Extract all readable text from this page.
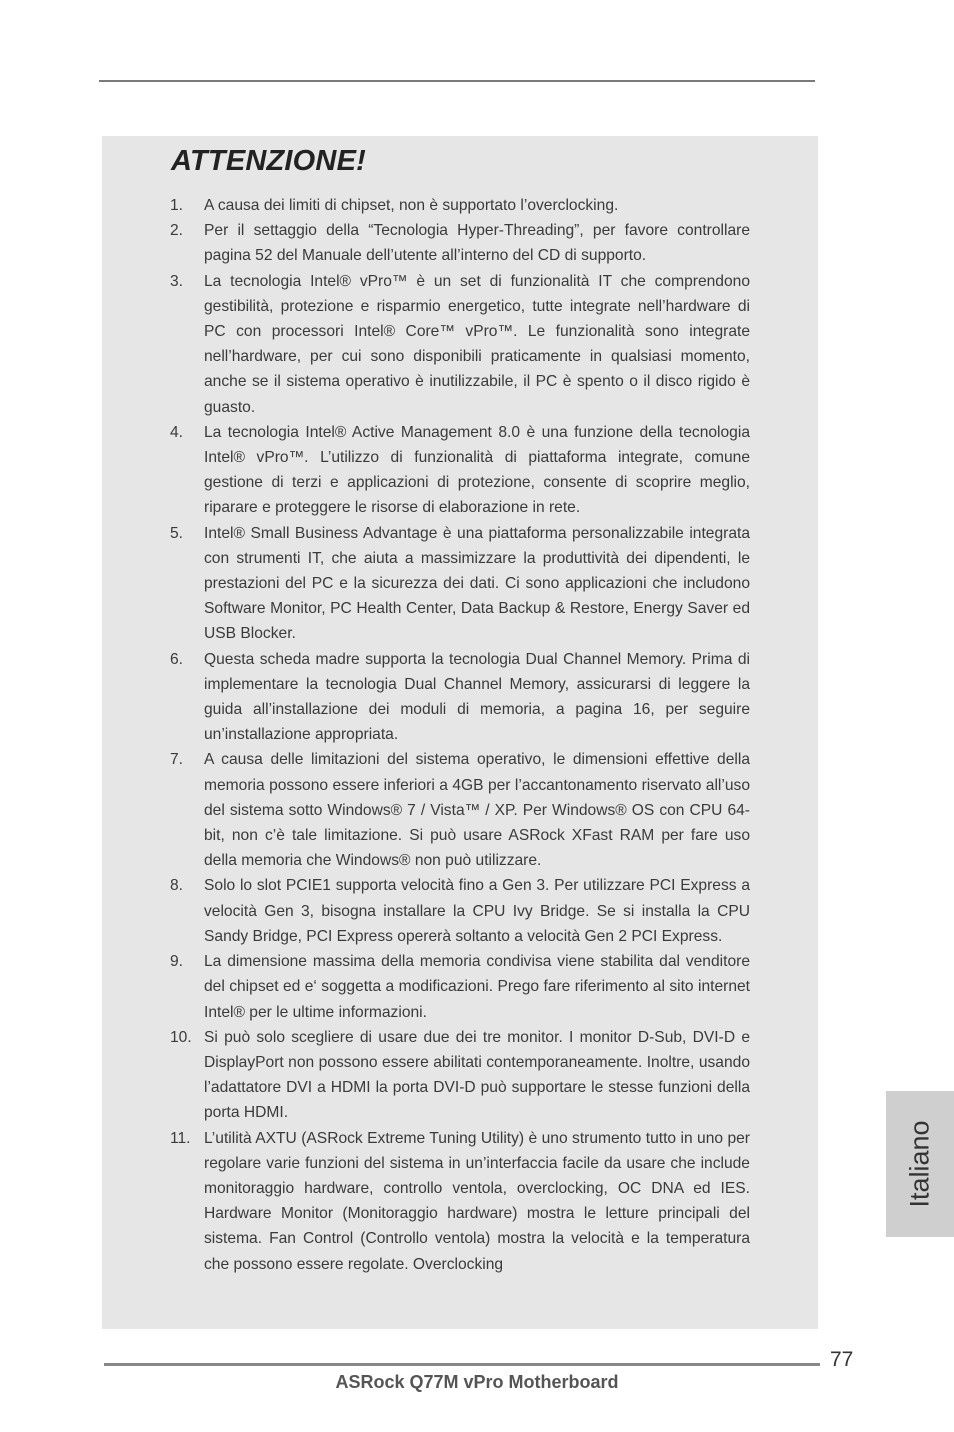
ATTENZIONE!
1. A causa dei limiti di chipset, non è supportato l’overclocking.
2. Per il settaggio della “Tecnologia Hyper-Threading”, per favore controllare pagina 52 del Manuale dell’utente all’interno del CD di supporto.
3. La tecnologia Intel® vPro™ è un set di funzionalità IT che comprendono gestibilità, protezione e risparmio energetico, tutte integrate nell’hardware di PC con processori Intel® Core™ vPro™. Le funzionalità sono integrate nell’hardware, per cui sono disponibili praticamente in qualsiasi momento, anche se il sistema operativo è inutilizzabile, il PC è spento o il disco rigido è guasto.
4. La tecnologia Intel® Active Management 8.0 è una funzione della tecnologia Intel® vPro™. L’utilizzo di funzionalità di piattaforma integrate, comune gestione di terzi e applicazioni di protezione, consente di scoprire meglio, riparare e proteggere le risorse di elaborazione in rete.
5. Intel® Small Business Advantage è una piattaforma personalizzabile integrata con strumenti IT, che aiuta a massimizzare la produttività dei dipendenti, le prestazioni del PC e la sicurezza dei dati. Ci sono applicazioni che includono Software Monitor, PC Health Center, Data Backup & Restore, Energy Saver ed USB Blocker.
6. Questa scheda madre supporta la tecnologia Dual Channel Memory. Prima di implementare la tecnologia Dual Channel Memory, assicurarsi di leggere la guida all’installazione dei moduli di memoria, a pagina 16, per seguire un’installazione appropriata.
7. A causa delle limitazioni del sistema operativo, le dimensioni effettive della memoria possono essere inferiori a 4GB per l’accantonamento riservato all’uso del sistema sotto Windows® 7 / Vista™ / XP. Per Windows® OS con CPU 64-bit, non c’è tale limitazione. Si può usare ASRock XFast RAM per fare uso della memoria che Windows® non può utilizzare.
8. Solo lo slot PCIE1 supporta velocità fino a Gen 3. Per utilizzare PCI Express a velocità Gen 3, bisogna installare la CPU Ivy Bridge. Se si installa la CPU Sandy Bridge, PCI Express opererà soltanto a velocità Gen 2 PCI Express.
9. La dimensione massima della memoria condivisa viene stabilita dal venditore del chipset ed e‘ soggetta a modificazioni. Prego fare riferimento al sito internet Intel® per le ultime informazioni.
10. Si può solo scegliere di usare due dei tre monitor. I monitor D-Sub, DVI-D e DisplayPort non possono essere abilitati contemporaneamente. Inoltre, usando l’adattatore DVI a HDMI la porta DVI-D può supportare le stesse funzioni della porta HDMI.
11. L’utilità AXTU (ASRock Extreme Tuning Utility) è uno strumento tutto in uno per regolare varie funzioni del sistema in un’interfaccia facile da usare che include monitoraggio hardware, controllo ventola, overclocking, OC DNA ed IES. Hardware Monitor (Monitoraggio hardware) mostra le letture principali del sistema. Fan Control (Controllo ventola) mostra la velocità e la temperatura che possono essere regolate. Overclocking
Italiano
77
ASRock Q77M vPro Motherboard
